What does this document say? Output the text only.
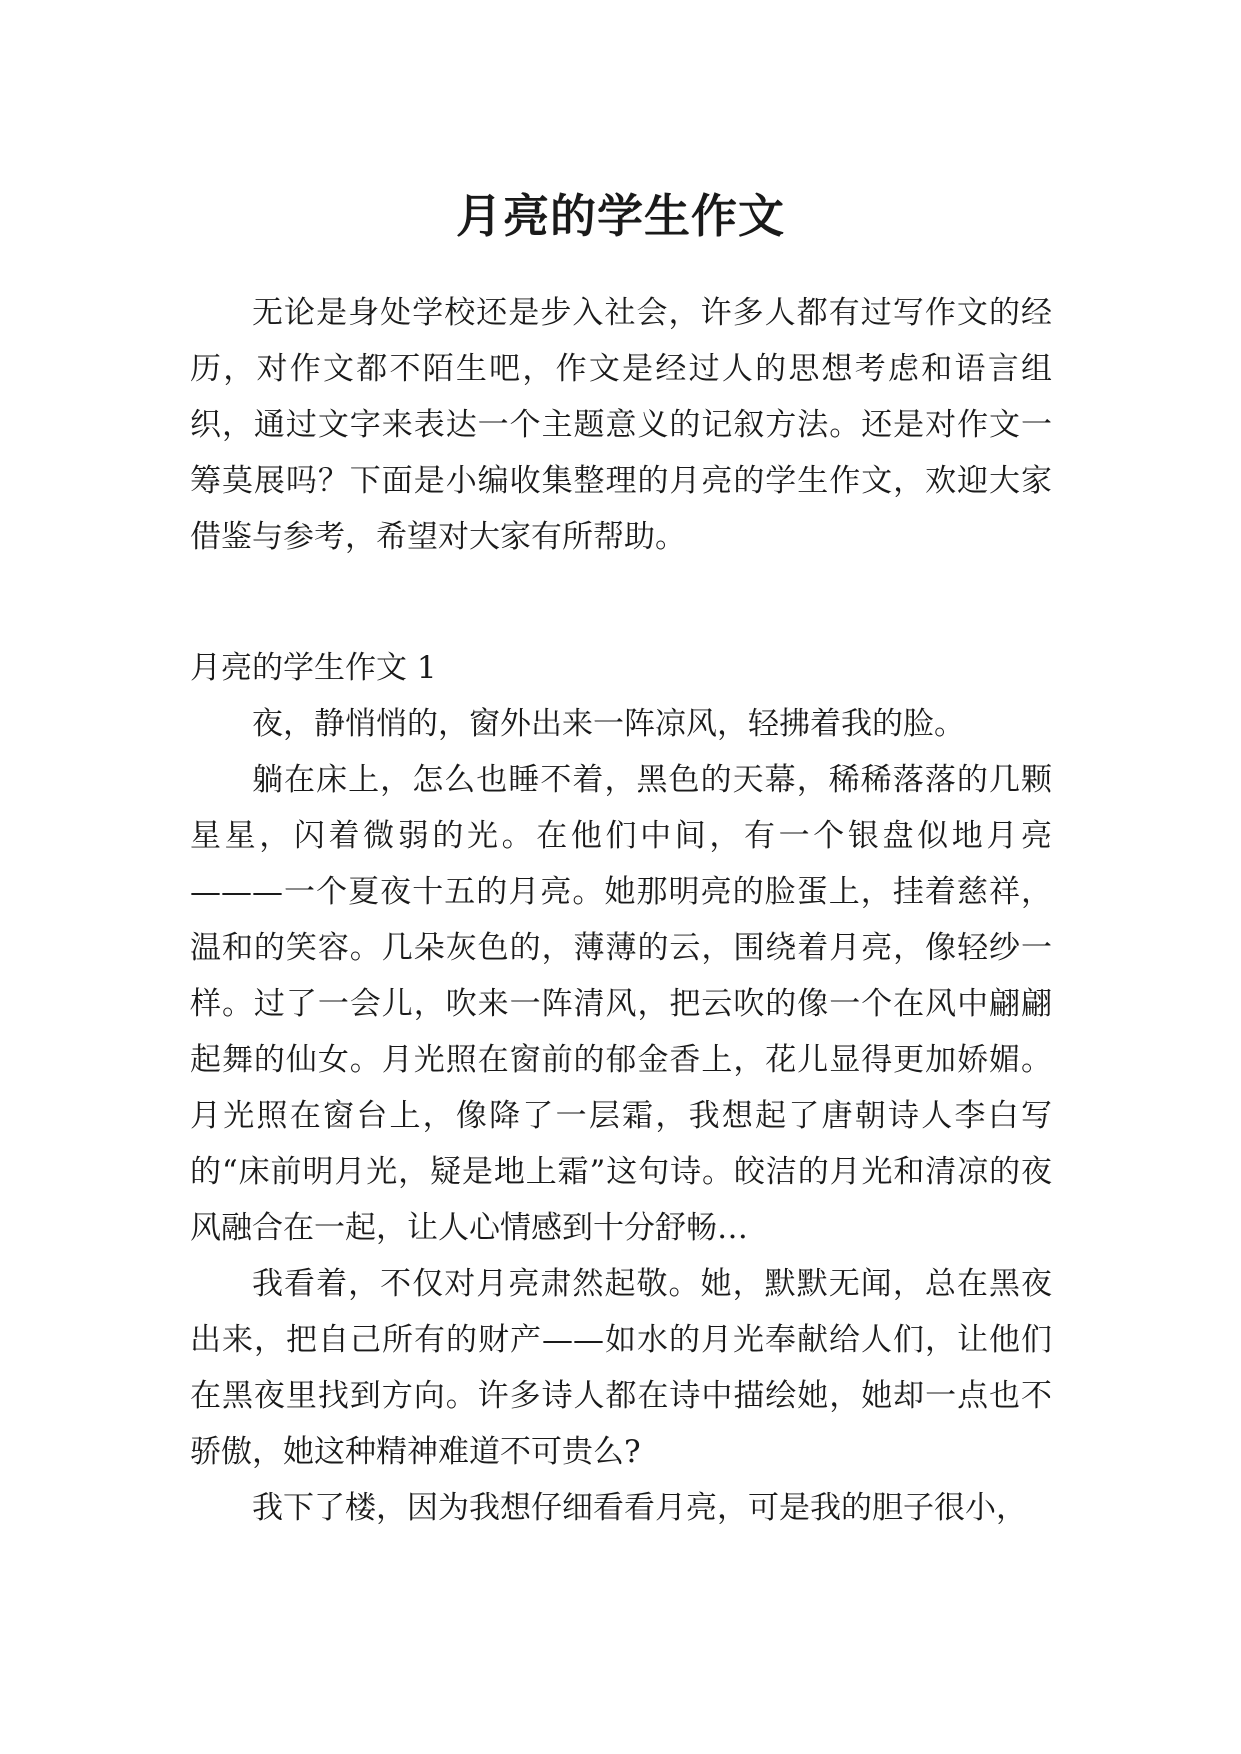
月亮的学生作文

无论是身处学校还是步入社会，许多人都有过写作文的经历，对作文都不陌生吧，作文是经过人的思想考虑和语言组织，通过文字来表达一个主题意义的记叙方法。还是对作文一筹莫展吗？下面是小编收集整理的月亮的学生作文，欢迎大家借鉴与参考，希望对大家有所帮助。

月亮的学生作文 1

夜，静悄悄的，窗外出来一阵凉风，轻拂着我的脸。

躺在床上，怎么也睡不着，黑色的天幕，稀稀落落的几颗星星，闪着微弱的光。在他们中间，有一个银盘似地月亮———一个夏夜十五的月亮。她那明亮的脸蛋上，挂着慈祥，温和的笑容。几朵灰色的，薄薄的云，围绕着月亮，像轻纱一样。过了一会儿，吹来一阵清风，把云吹的像一个在风中翩翩起舞的仙女。月光照在窗前的郁金香上，花儿显得更加娇媚。月光照在窗台上，像降了一层霜，我想起了唐朝诗人李白写的“床前明月光，疑是地上霜”这句诗。皎洁的月光和清凉的夜风融合在一起，让人心情感到十分舒畅…

我看着，不仅对月亮肃然起敬。她，默默无闻，总在黑夜出来，把自己所有的财产——如水的月光奉献给人们，让他们在黑夜里找到方向。许多诗人都在诗中描绘她，她却一点也不骄傲，她这种精神难道不可贵么?

我下了楼，因为我想仔细看看月亮，可是我的胆子很小，
